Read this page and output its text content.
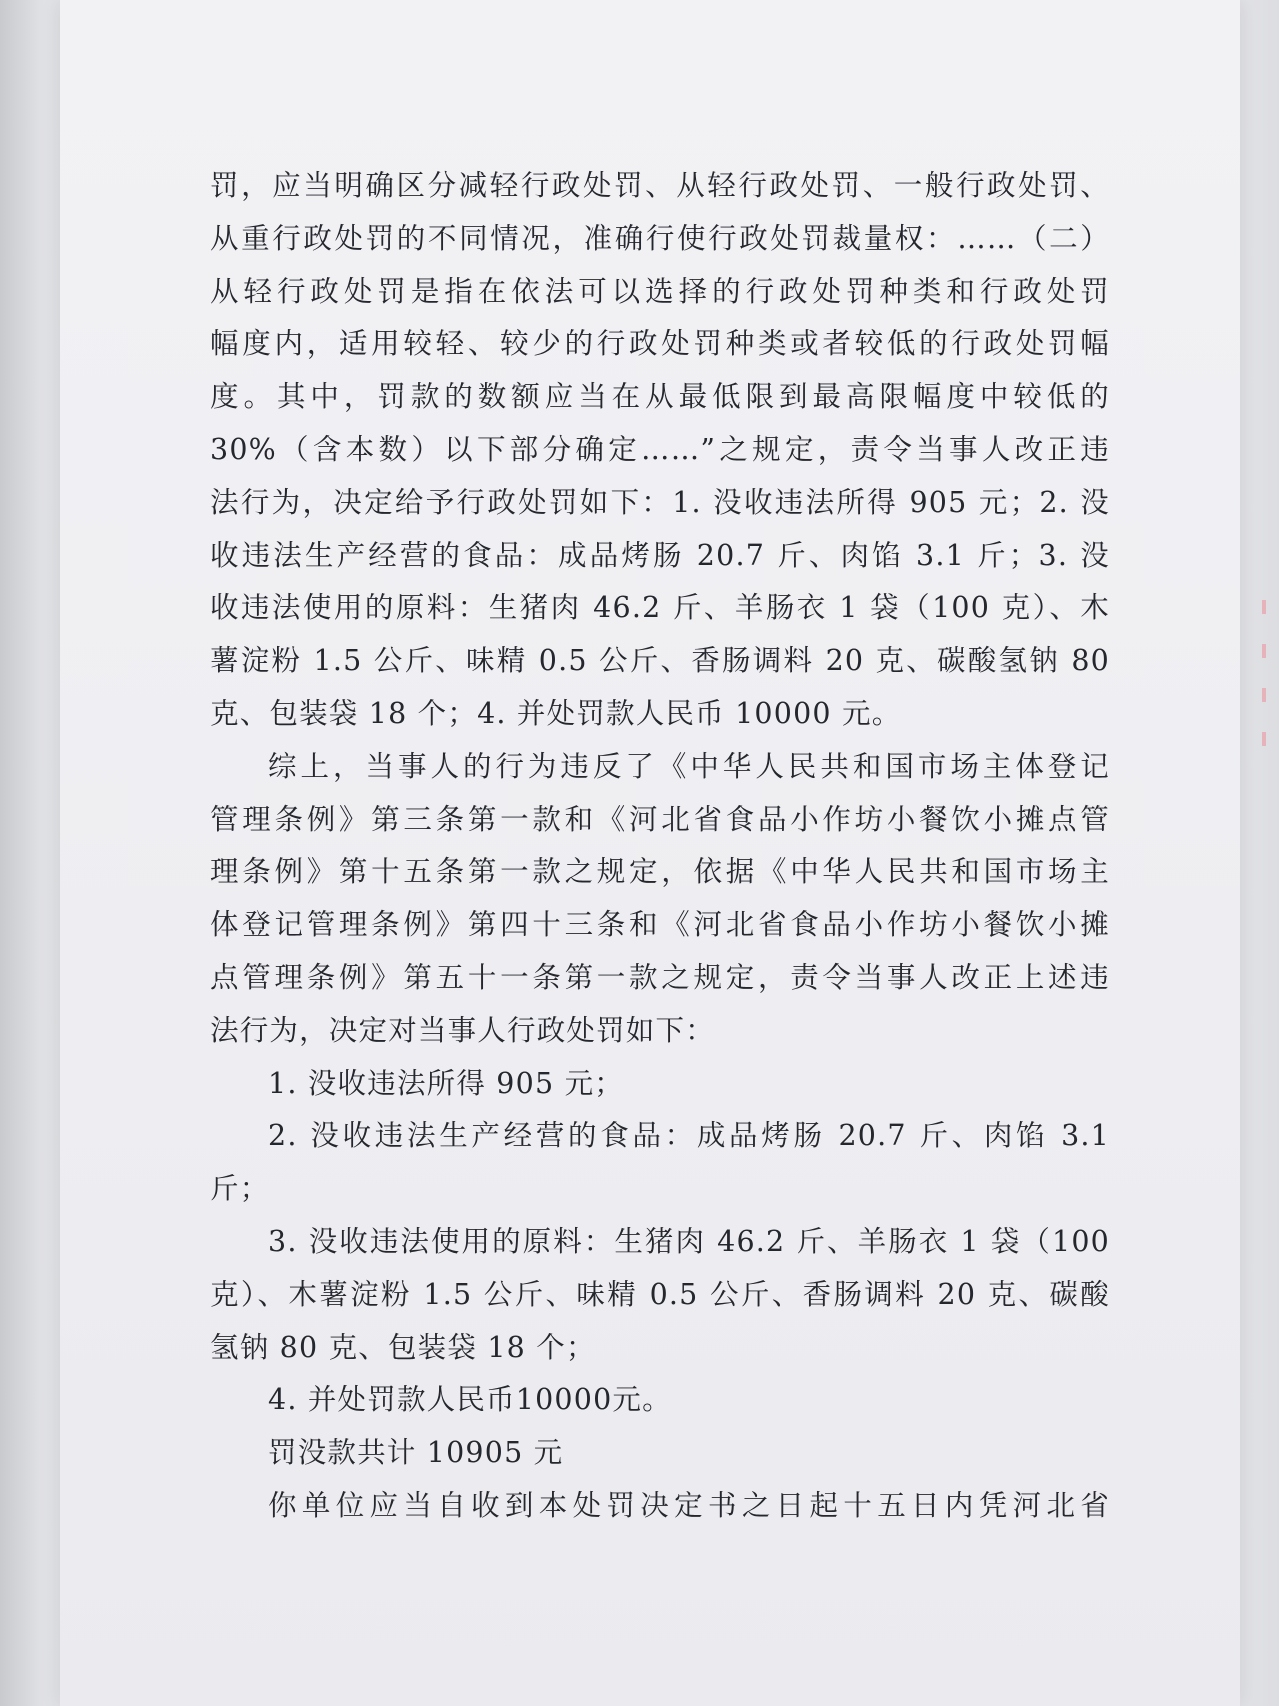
罚，应当明确区分减轻行政处罚、从轻行政处罚、一般行政处罚、
从重行政处罚的不同情况，准确行使行政处罚裁量权：……（二）
从轻行政处罚是指在依法可以选择的行政处罚种类和行政处罚
幅度内，适用较轻、较少的行政处罚种类或者较低的行政处罚幅
度。其中，罚款的数额应当在从最低限到最高限幅度中较低的
30%（含本数）以下部分确定……”之规定，责令当事人改正违
法行为，决定给予行政处罚如下：1. 没收违法所得 905 元；2. 没
收违法生产经营的食品：成品烤肠 20.7 斤、肉馅 3.1 斤；3. 没
收违法使用的原料：生猪肉 46.2 斤、羊肠衣 1 袋（100 克）、木
薯淀粉 1.5 公斤、味精 0.5 公斤、香肠调料 20 克、碳酸氢钠 80
克、包装袋 18 个；4. 并处罚款人民币 10000 元。
综上，当事人的行为违反了《中华人民共和国市场主体登记
管理条例》第三条第一款和《河北省食品小作坊小餐饮小摊点管
理条例》第十五条第一款之规定，依据《中华人民共和国市场主
体登记管理条例》第四十三条和《河北省食品小作坊小餐饮小摊
点管理条例》第五十一条第一款之规定，责令当事人改正上述违
法行为，决定对当事人行政处罚如下：
1. 没收违法所得 905 元；
2. 没收违法生产经营的食品：成品烤肠 20.7 斤、肉馅 3.1
斤；
3. 没收违法使用的原料：生猪肉 46.2 斤、羊肠衣 1 袋（100
克）、木薯淀粉 1.5 公斤、味精 0.5 公斤、香肠调料 20 克、碳酸
氢钠 80 克、包装袋 18 个；
4. 并处罚款人民币10000元。
罚没款共计 10905 元
你单位应当自收到本处罚决定书之日起十五日内凭河北省
